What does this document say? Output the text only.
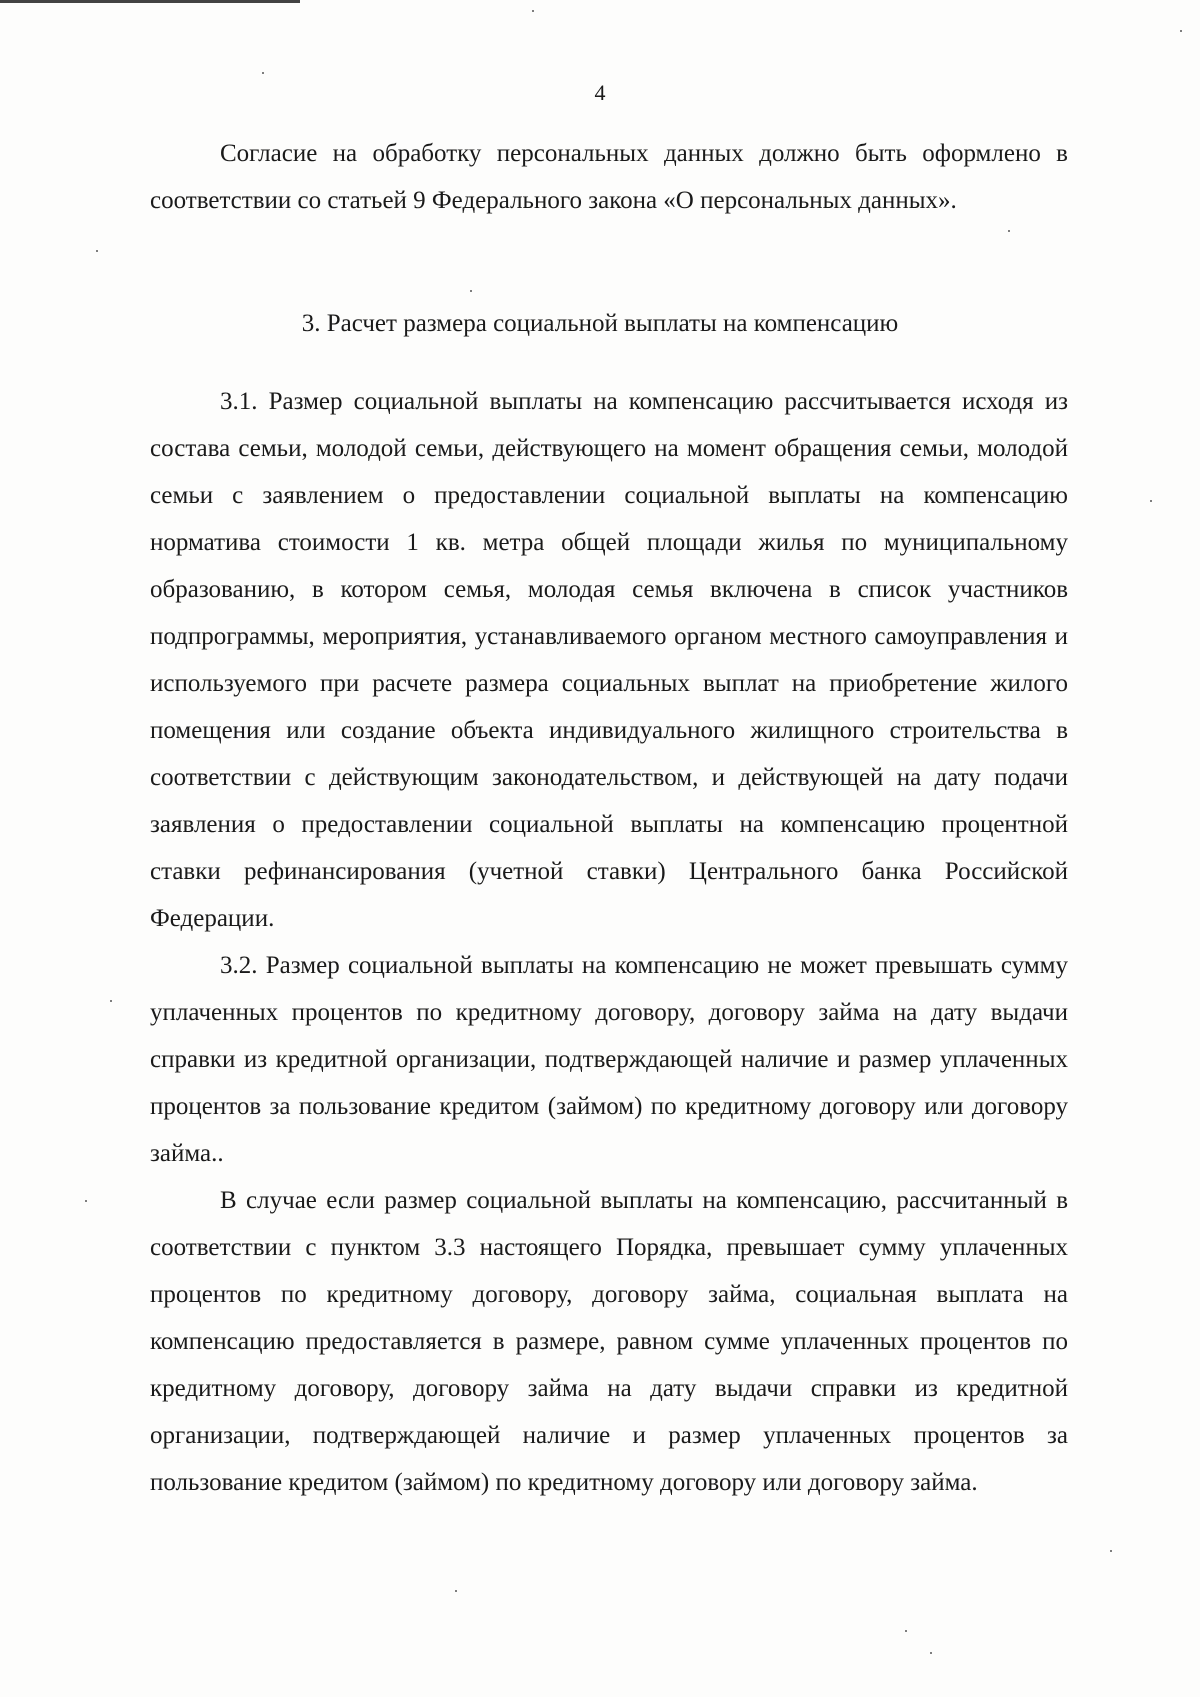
4

Согласие на обработку персональных данных должно быть оформлено в соответствии со статьей 9 Федерального закона «О персональных данных».

3. Расчет размера социальной выплаты на компенсацию

3.1. Размер социальной выплаты на компенсацию рассчитывается исходя из состава семьи, молодой семьи, действующего на момент обращения семьи, молодой семьи с заявлением о предоставлении социальной выплаты на компенсацию норматива стоимости 1 кв. метра общей площади жилья по муниципальному образованию, в котором семья, молодая семья включена в список участников подпрограммы, мероприятия, устанавливаемого органом местного самоуправления и используемого при расчете размера социальных выплат на приобретение жилого помещения или создание объекта индивидуального жилищного строительства в соответствии с действующим законодательством, и действующей на дату подачи заявления о предоставлении социальной выплаты на компенсацию процентной ставки рефинансирования (учетной ставки) Центрального банка Российской Федерации.

3.2. Размер социальной выплаты на компенсацию не может превышать сумму уплаченных процентов по кредитному договору, договору займа на дату выдачи справки из кредитной организации, подтверждающей наличие и размер уплаченных процентов за пользование кредитом (займом) по кредитному договору или договору займа..

В случае если размер социальной выплаты на компенсацию, рассчитанный в соответствии с пунктом 3.3 настоящего Порядка, превышает сумму уплаченных процентов по кредитному договору, договору займа, социальная выплата на компенсацию предоставляется в размере, равном сумме уплаченных процентов по кредитному договору, договору займа на дату выдачи справки из кредитной организации, подтверждающей наличие и размер уплаченных процентов за пользование кредитом (займом) по кредитному договору или договору займа.
